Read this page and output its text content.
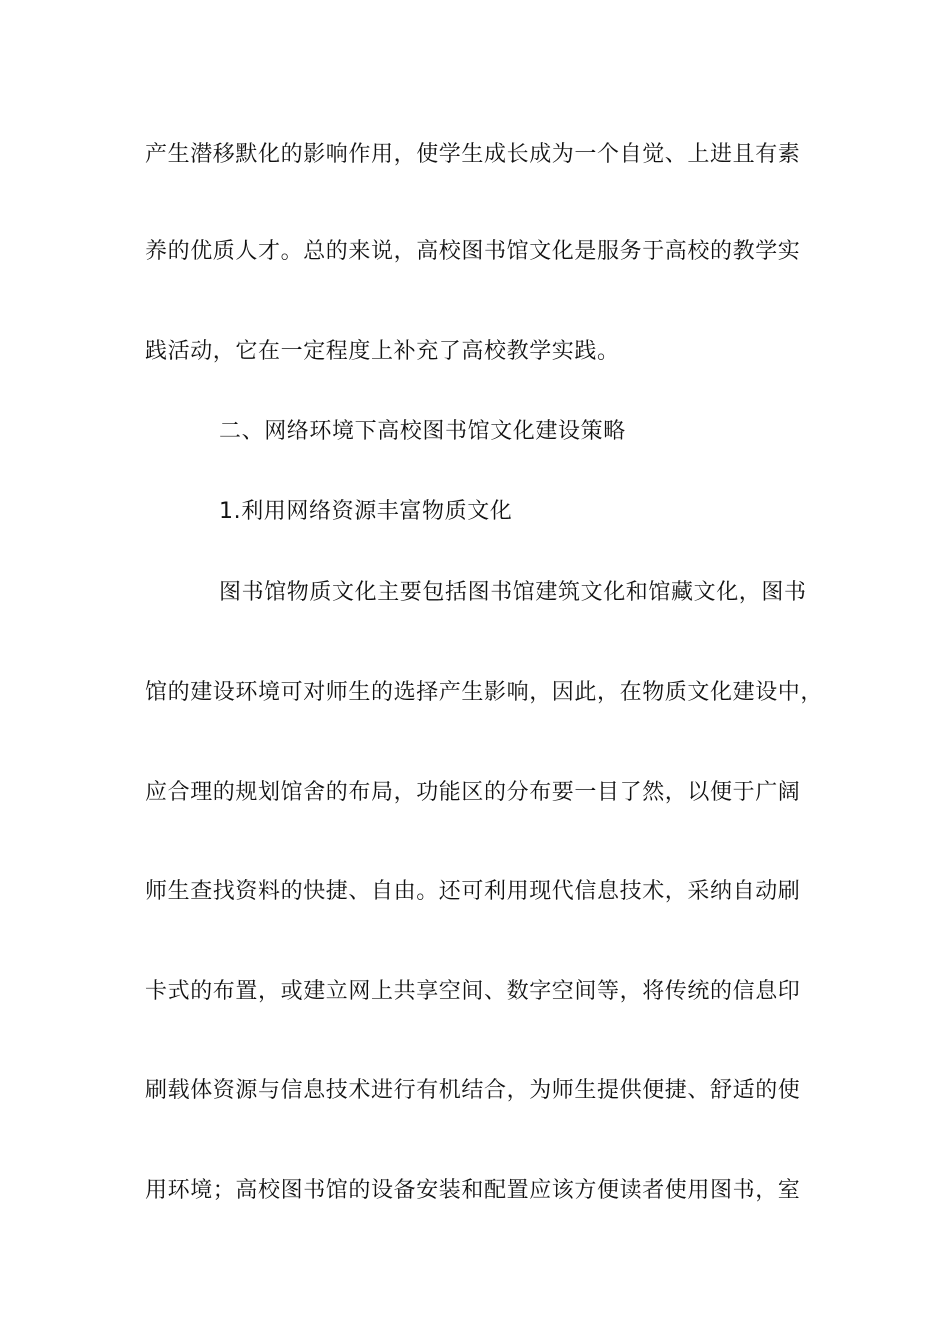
产生潜移默化的影响作用，使学生成长成为一个自觉、上进且有素
养的优质人才。总的来说，高校图书馆文化是服务于高校的教学实
践活动，它在一定程度上补充了高校教学实践。
二、网络环境下高校图书馆文化建设策略
1.利用网络资源丰富物质文化
图书馆物质文化主要包括图书馆建筑文化和馆藏文化，图书
馆的建设环境可对师生的选择产生影响，因此，在物质文化建设中，
应合理的规划馆舍的布局，功能区的分布要一目了然，以便于广阔
师生查找资料的快捷、自由。还可利用现代信息技术，采纳自动刷
卡式的布置，或建立网上共享空间、数字空间等，将传统的信息印
刷载体资源与信息技术进行有机结合，为师生提供便捷、舒适的使
用环境；高校图书馆的设备安装和配置应该方便读者使用图书，室
